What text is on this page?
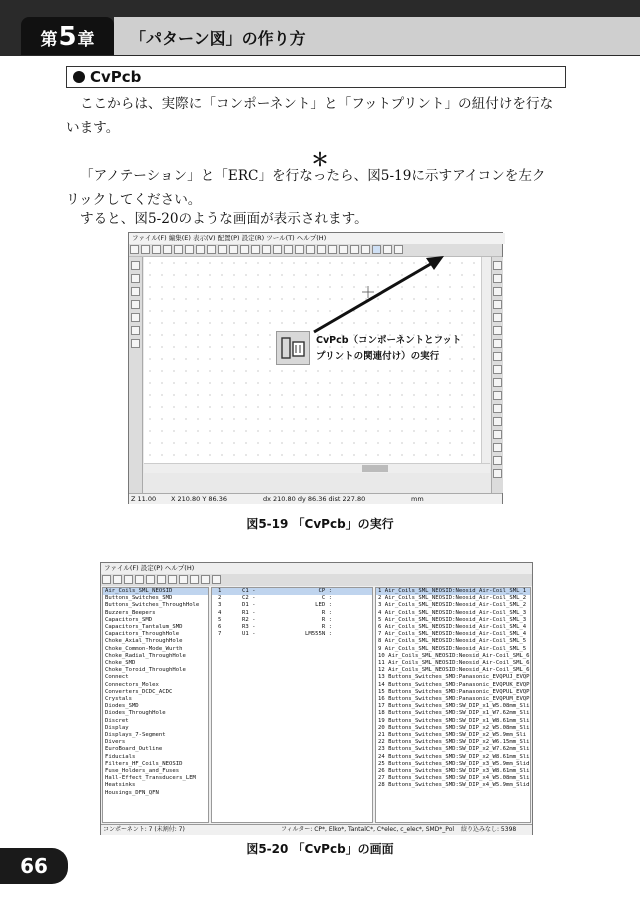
第 5 章 「パターン図」の作り方
CvPcb
ここからは、実際に「コンポーネント」と「フットプリント」の紐付けを行な
います。
＊
「アノテーション」と「ERC」を行なったら、図5-19に示すアイコンを左ク
リックしてください。
すると、図5-20のような画面が表示されます。
ファイル(F) 編集(E) 表示(V) 配置(P) 設定(R) ツール(T) ヘルプ(H)
Z 11.00 X 210.80 Y 86.36	dx 210.80 dy 86.36 dist 227.80	mm
CvPcb（コンポーネントとフット
プリントの関連付け）の実行
図5-19 「CvPcb」の実行
ファイル(F) 設定(P) ヘルプ(H)
Air_Coils_SML_NEOSID
Buttons_Switches_SMD
Buttons_Switches_ThroughHole
Buzzers_Beepers
Capacitors_SMD
Capacitors_Tantalum_SMD
Capacitors_ThroughHole
Choke_Axial_ThroughHole
Choke_Common-Mode_Wurth
Choke_Radial_ThroughHole
Choke_SMD
Choke_Toroid_ThroughHole
Connect
Connectors_Molex
Converters_DCDC_ACDC
Crystals
Diodes_SMD
Diodes_ThroughHole
Discret
Display
Displays_7-Segment
Divers
EuroBoard_Outline
Fiducials
Filters_HF_Coils_NEOSID
Fuse_Holders_and_Fuses
Hall-Effect_Transducers_LEM
Heatsinks
Housings_DFN_QFN
1	C1 -	CP :

2	C2 -	C :

3	D1 -	LED :

4	R1 -	R :

5	R2 -	R :

6	R3 -	R :

7	U1 -	LM555N :

1 Air_Coils_SML_NEOSID:Neosid_Air-Coil_SML_1
2 Air_Coils_SML_NEOSID:Neosid_Air-Coil_SML_2
3 Air_Coils_SML_NEOSID:Neosid_Air-Coil_SML_2
4 Air_Coils_SML_NEOSID:Neosid_Air-Coil_SML_3
5 Air_Coils_SML_NEOSID:Neosid_Air-Coil_SML_3
6 Air_Coils_SML_NEOSID:Neosid_Air-Coil_SML_4
7 Air_Coils_SML_NEOSID:Neosid_Air-Coil_SML_4
8 Air_Coils_SML_NEOSID:Neosid_Air-Coil_SML_5
9 Air_Coils_SML_NEOSID:Neosid_Air-Coil_SML_5
10 Air_Coils_SML_NEOSID:Neosid_Air-Coil_SML_6
11 Air_Coils_SML_NEOSID:Neosid_Air-Coil_SML_6
12 Air_Coils_SML_NEOSID:Neosid_Air-Coil_SML_6
13 Buttons_Switches_SMD:Panasonic_EVQPUJ_EVQP
14 Buttons_Switches_SMD:Panasonic_EVQPUK_EVQP
15 Buttons_Switches_SMD:Panasonic_EVQPUL_EVQP
16 Buttons_Switches_SMD:Panasonic_EVQPUM_EVQP
17 Buttons_Switches_SMD:SW_DIP_x1_W5.08mm_Sli
18 Buttons_Switches_SMD:SW_DIP_x1_W7.62mm_Sli
19 Buttons_Switches_SMD:SW_DIP_x1_W8.61mm_Sli
20 Buttons_Switches_SMD:SW_DIP_x2_W5.08mm_Sli
21 Buttons_Switches_SMD:SW_DIP_x2_W5.9mm_Sli
22 Buttons_Switches_SMD:SW_DIP_x2_W6.15mm_Sli
23 Buttons_Switches_SMD:SW_DIP_x2_W7.62mm_Sli
24 Buttons_Switches_SMD:SW_DIP_x2_W8.61mm_Sli
25 Buttons_Switches_SMD:SW_DIP_x3_W5.9mm_Slid
26 Buttons_Switches_SMD:SW_DIP_x3_W8.61mm_Sli
27 Buttons_Switches_SMD:SW_DIP_x4_W5.08mm_Sli
28 Buttons_Switches_SMD:SW_DIP_x4_W5.9mm_Slid
コンポーネント: 7 (未割付: 7)	フィルター: CP*, Elko*, TantalC*, C*elec, c_elec*, SMD*_Pol 絞り込みなし: 5398
図5-20 「CvPcb」の画面
66
